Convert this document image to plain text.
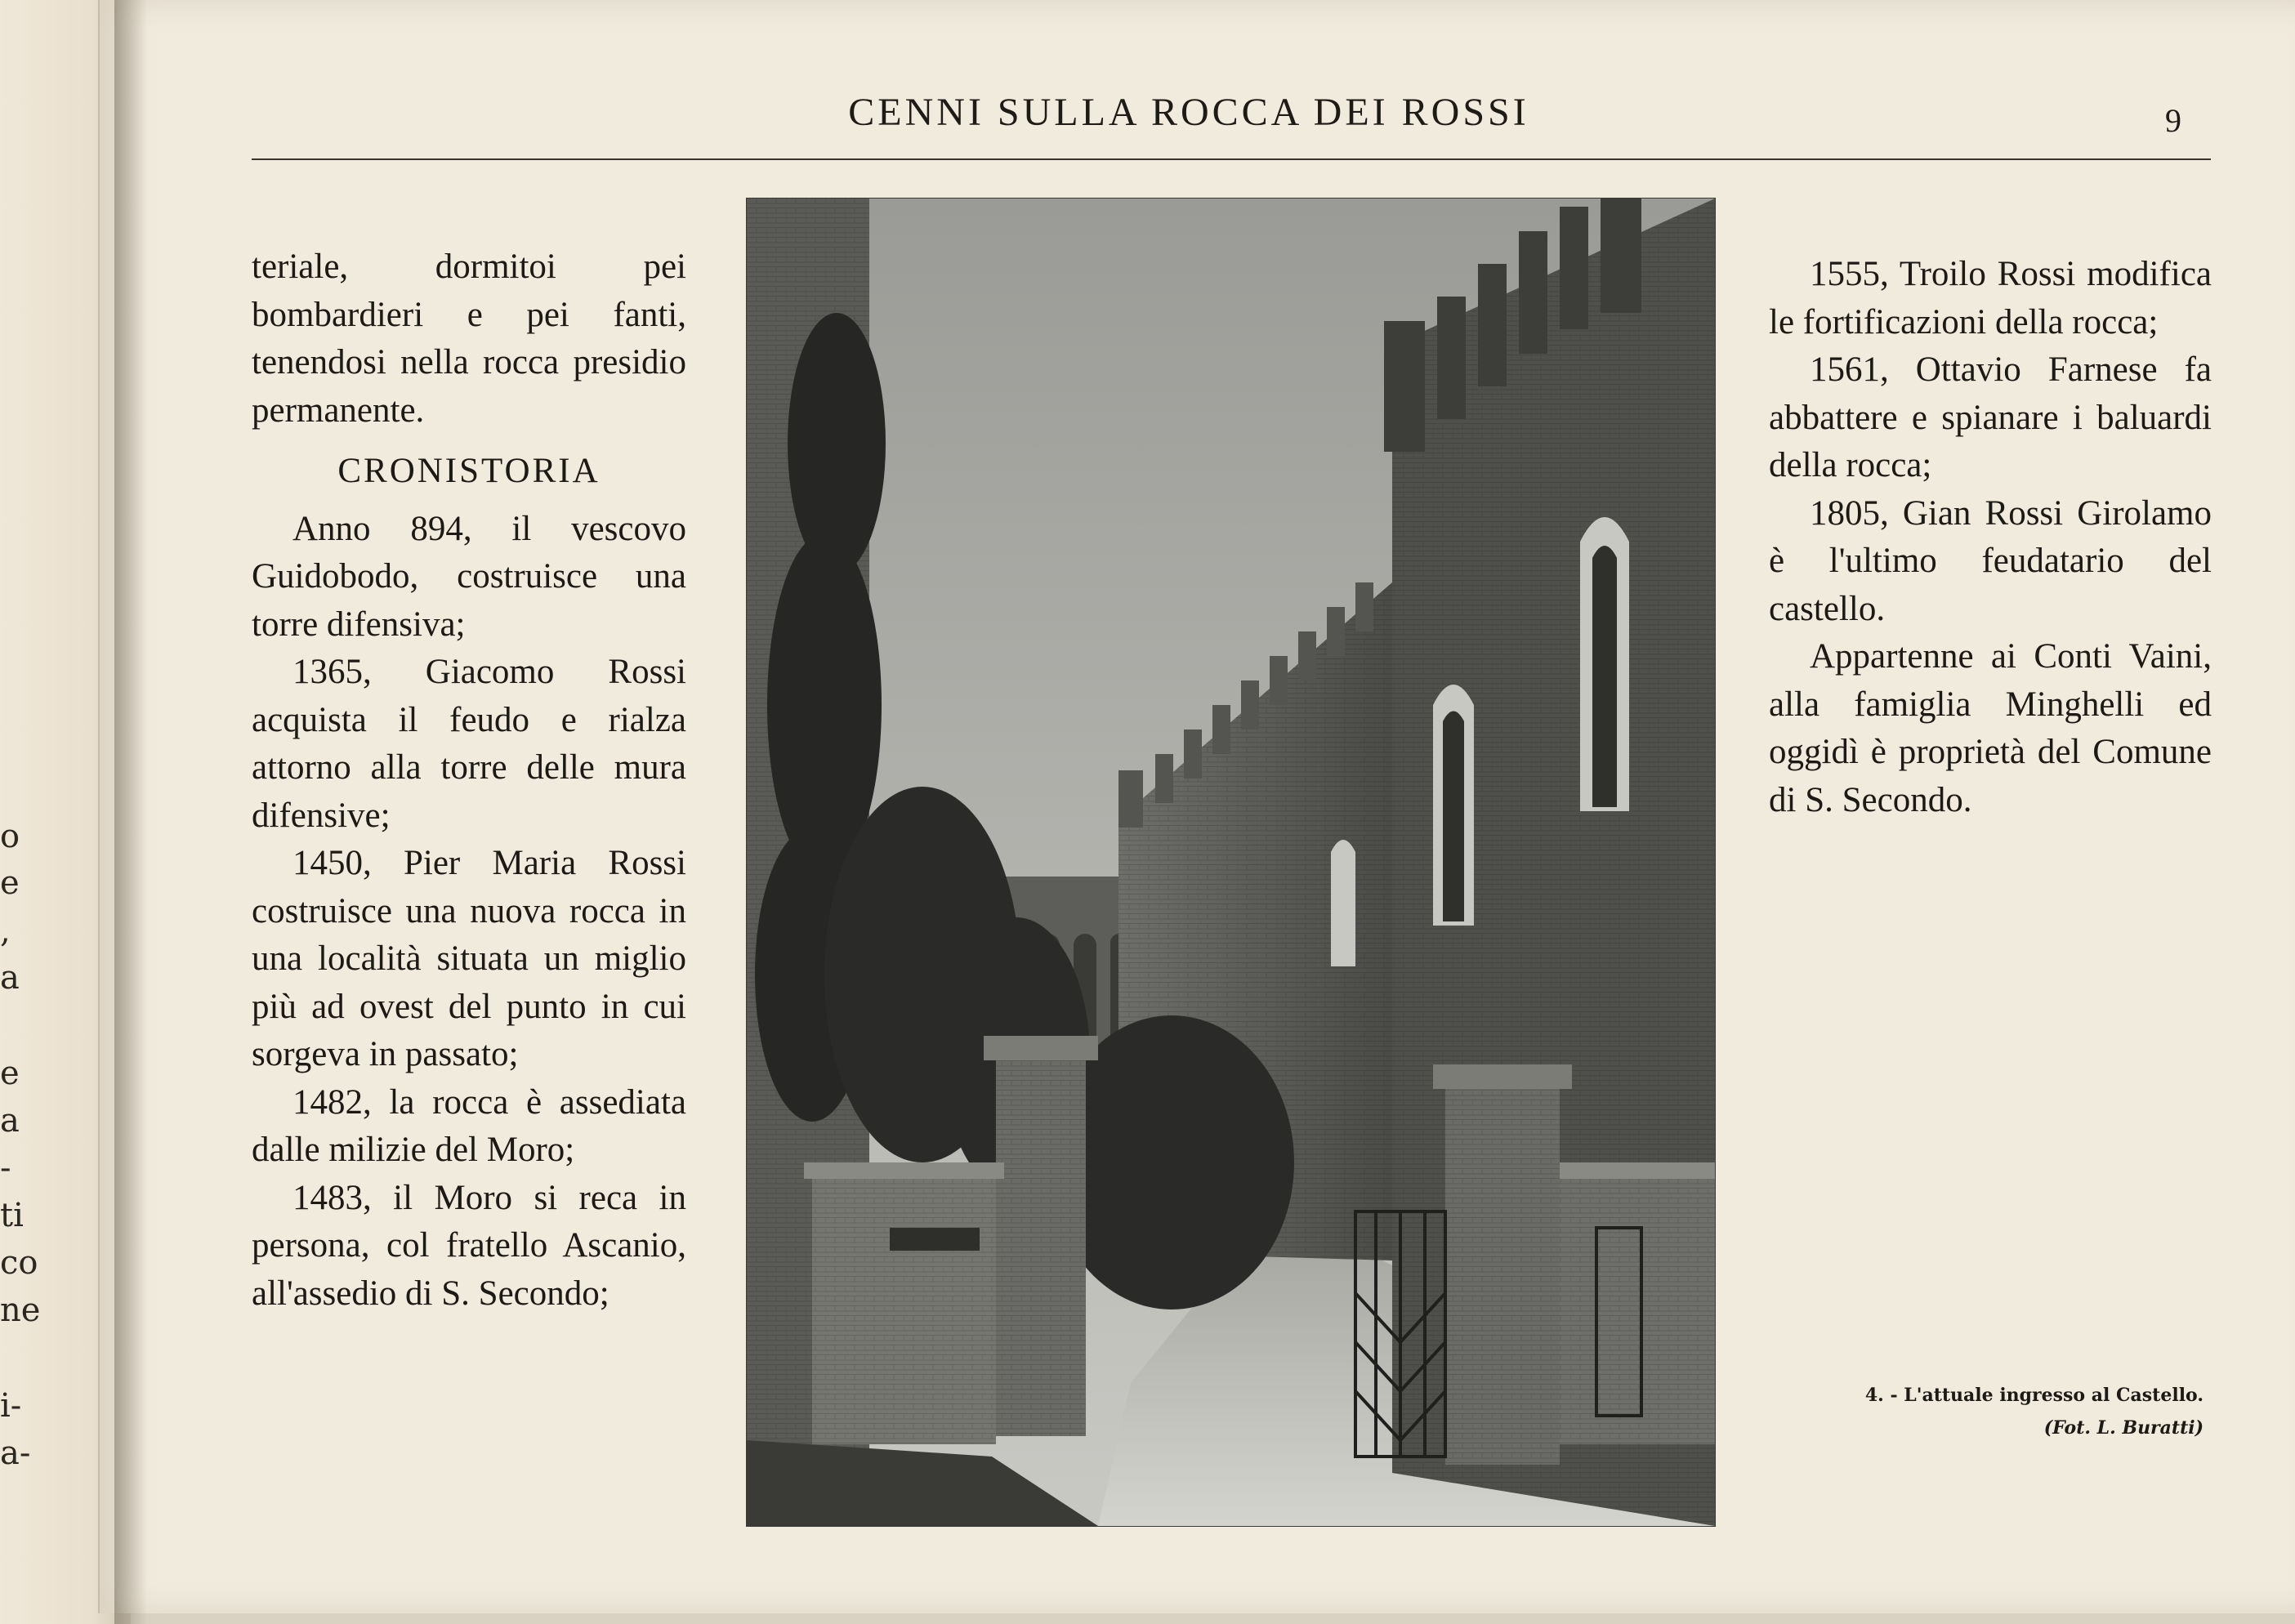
o
e
,
a
e
a
-
ti
co
ne
i-
a-
CENNI SULLA ROCCA DEI ROSSI	9

teriale, dormitoi pei bombardieri e pei fanti, tenendosi nella rocca presidio permanente.

CRONISTORIA

Anno 894, il vescovo Guidobodo, costruisce una torre difensiva;

1365, Giacomo Rossi acquista il feudo e rialza attorno alla torre delle mura difensive;

1450, Pier Maria Rossi costruisce una nuova rocca in una località situata un miglio più ad ovest del punto in cui sorgeva in passato;

1482, la rocca è assediata dalle milizie del Moro;

1483, il Moro si reca in persona, col fratello Ascanio, all'assedio di S. Secondo;

1555, Troilo Rossi modifica le fortificazioni della rocca;

1561, Ottavio Farnese fa abbattere e spianare i baluardi della rocca;

1805, Gian Rossi Girolamo è l'ultimo feudatario del castello.

Appartenne ai Conti Vaini, alla famiglia Minghelli ed oggidì è proprietà del Comune di S. Secondo.

4. - L'attuale ingresso al Castello.
(Fot. L. Buratti)
